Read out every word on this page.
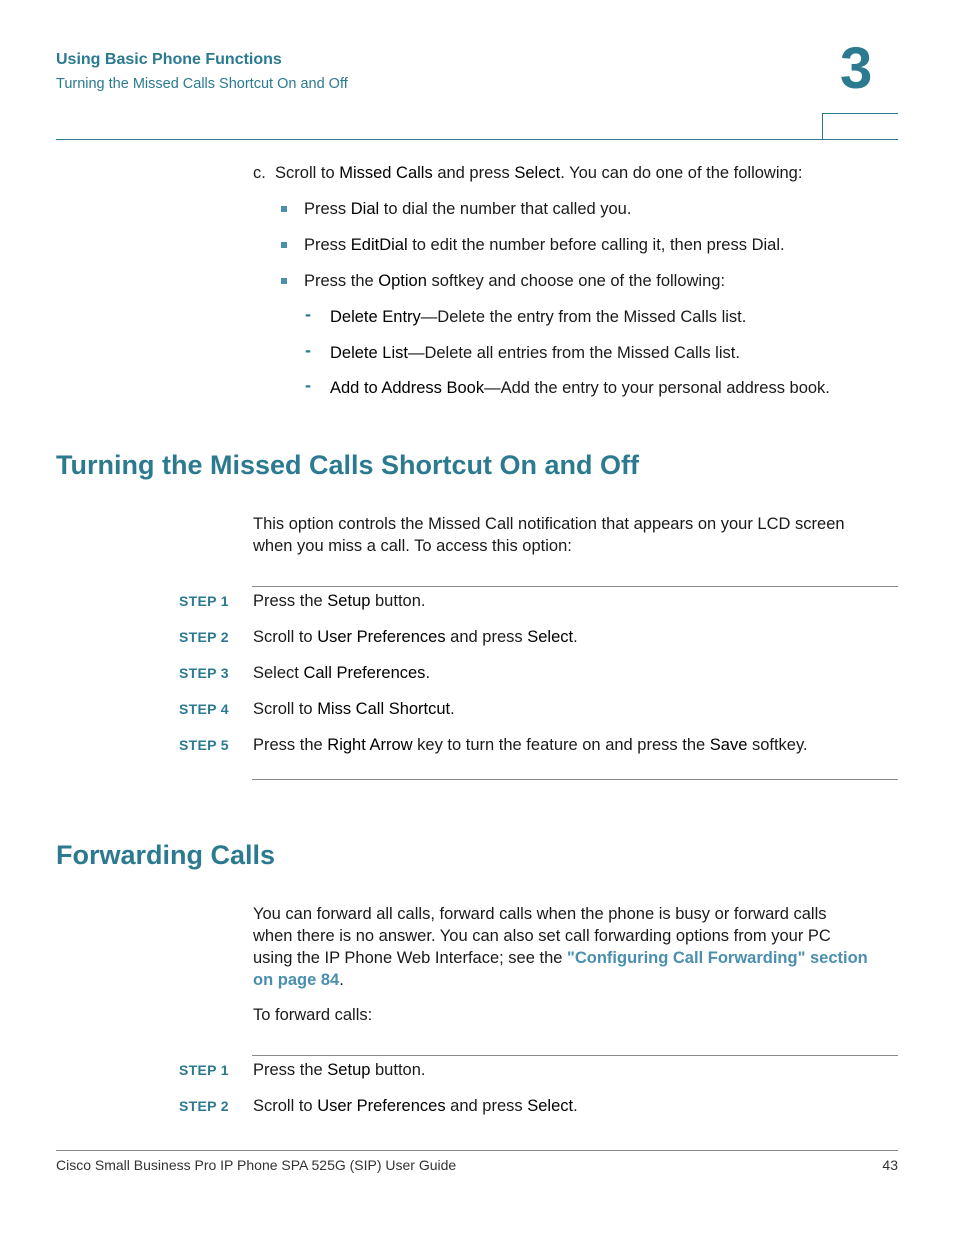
Using Basic Phone Functions
Turning the Missed Calls Shortcut On and Off	3
c. Scroll to Missed Calls and press Select. You can do one of the following:
Press Dial to dial the number that called you.
Press EditDial to edit the number before calling it, then press Dial.
Press the Option softkey and choose one of the following:
- Delete Entry—Delete the entry from the Missed Calls list.
- Delete List—Delete all entries from the Missed Calls list.
- Add to Address Book—Add the entry to your personal address book.
Turning the Missed Calls Shortcut On and Off
This option controls the Missed Call notification that appears on your LCD screen
when you miss a call. To access this option:
STEP 1 Press the Setup button.
STEP 2 Scroll to User Preferences and press Select.
STEP 3 Select Call Preferences.
STEP 4 Scroll to Miss Call Shortcut.
STEP 5 Press the Right Arrow key to turn the feature on and press the Save softkey.
Forwarding Calls
You can forward all calls, forward calls when the phone is busy or forward calls
when there is no answer. You can also set call forwarding options from your PC
using the IP Phone Web Interface; see the "Configuring Call Forwarding" section
on page 84.
To forward calls:
STEP 1 Press the Setup button.
STEP 2 Scroll to User Preferences and press Select.
Cisco Small Business Pro IP Phone SPA 525G (SIP) User Guide	43
